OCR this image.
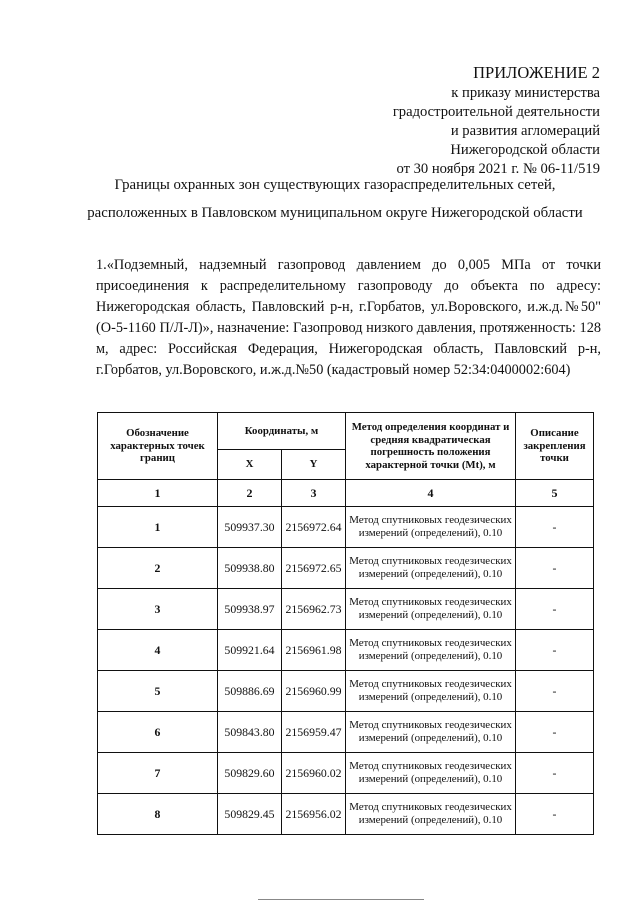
ПРИЛОЖЕНИЕ 2
к приказу министерства
градостроительной деятельности
и развития агломераций
Нижегородской области
от 30 ноября 2021 г. № 06-11/519
Границы охранных зон существующих газораспределительных сетей,
расположенных в Павловском муниципальном округе Нижегородской области
1.«Подземный, надземный газопровод давлением до 0,005 МПа от точки присоединения к распределительному газопроводу до объекта по адресу: Нижегородская область, Павловский р-н, г.Горбатов, ул.Воровского, и.ж.д.№50" (О-5-1160 П/Л-Л)», назначение: Газопровод низкого давления, протяженность: 128 м, адрес: Российская Федерация, Нижегородская область, Павловский р-н, г.Горбатов, ул.Воровского, и.ж.д.№50 (кадастровый номер 52:34:0400002:604)
Обозначение характерных точек границ	Координаты, м		Метод определения координат и средняя квадратическая погрешность положения характерной точки (Mt), м	Описание закрепления точки
	X	Y		
1	2	3	4	5
1	509937.30	2156972.64	Метод спутниковых геодезических измерений (определений), 0.10	-
2	509938.80	2156972.65	Метод спутниковых геодезических измерений (определений), 0.10	-
3	509938.97	2156962.73	Метод спутниковых геодезических измерений (определений), 0.10	-
4	509921.64	2156961.98	Метод спутниковых геодезических измерений (определений), 0.10	-
5	509886.69	2156960.99	Метод спутниковых геодезических измерений (определений), 0.10	-
6	509843.80	2156959.47	Метод спутниковых геодезических измерений (определений), 0.10	-
7	509829.60	2156960.02	Метод спутниковых геодезических измерений (определений), 0.10	-
8	509829.45	2156956.02	Метод спутниковых геодезических измерений (определений), 0.10	-
